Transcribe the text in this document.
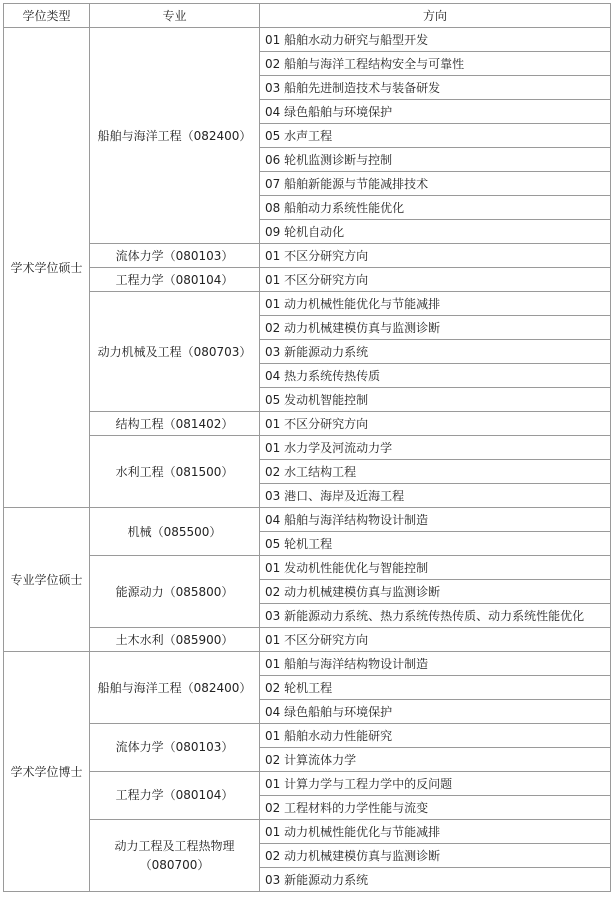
学位类型	专业	方向
学术学位硕士	船舶与海洋工程（082400）	01 船舶水动力研究与船型开发
		02 船舶与海洋工程结构安全与可靠性
		03 船舶先进制造技术与装备研发
		04 绿色船舶与环境保护
		05 水声工程
		06 轮机监测诊断与控制
		07 船舶新能源与节能减排技术
		08 船舶动力系统性能优化
		09 轮机自动化
	流体力学（080103）	01 不区分研究方向
	工程力学（080104）	01 不区分研究方向
	动力机械及工程（080703）	01 动力机械性能优化与节能减排
		02 动力机械建模仿真与监测诊断
		03 新能源动力系统
		04 热力系统传热传质
		05 发动机智能控制
	结构工程（081402）	01 不区分研究方向
	水利工程（081500）	01 水力学及河流动力学
		02 水工结构工程
		03 港口、海岸及近海工程
专业学位硕士	机械（085500）	04 船舶与海洋结构物设计制造
		05 轮机工程
	能源动力（085800）	01 发动机性能优化与智能控制
		02 动力机械建模仿真与监测诊断
		03 新能源动力系统、热力系统传热传质、动力系统性能优化
	土木水利（085900）	01 不区分研究方向
学术学位博士	船舶与海洋工程（082400）	01 船舶与海洋结构物设计制造
		02 轮机工程
		04 绿色船舶与环境保护
	流体力学（080103）	01 船舶水动力性能研究
		02 计算流体力学
	工程力学（080104）	01 计算力学与工程力学中的反问题
		02 工程材料的力学性能与流变
	动力工程及工程热物理（080700）	01 动力机械性能优化与节能减排
		02 动力机械建模仿真与监测诊断
		03 新能源动力系统
